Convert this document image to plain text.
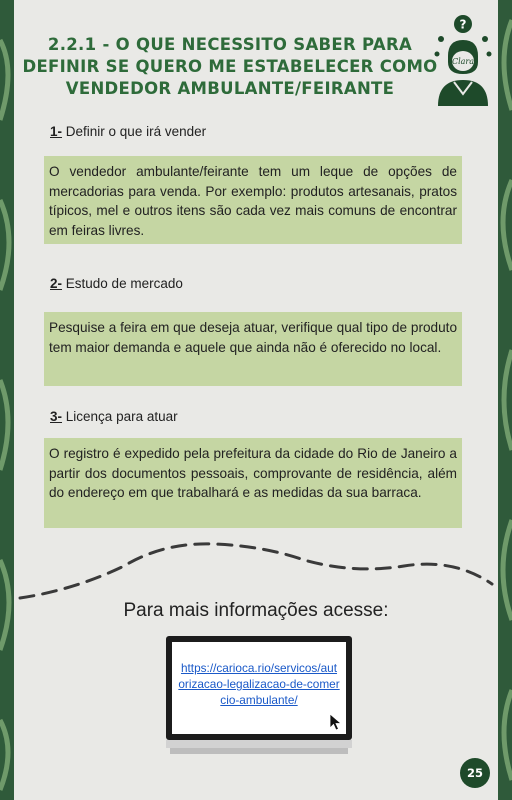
2.2.1 - O QUE NECESSITO SABER PARA
DEFINIR SE QUERO ME ESTABELECER COMO
VENDEDOR AMBULANTE/FEIRANTE
?
Clara
1- Definir o que irá vender
O vendedor ambulante/feirante tem um leque de opções de mercadorias para venda. Por exemplo: produtos artesanais, pratos típicos, mel e outros itens são cada vez mais comuns de encontrar em feiras livres.
2- Estudo de mercado
Pesquise a feira em que deseja atuar, verifique qual tipo de produto tem maior demanda e aquele que ainda não é oferecido no local.
3- Licença para atuar
O registro é expedido pela prefeitura da cidade do Rio de Janeiro a partir dos documentos pessoais, comprovante de residência, além do endereço em que trabalhará e as medidas da sua barraca.
Para mais informações acesse:
https://carioca.rio/servicos/autorizacao-legalizacao-de-comercio-ambulante/
25
